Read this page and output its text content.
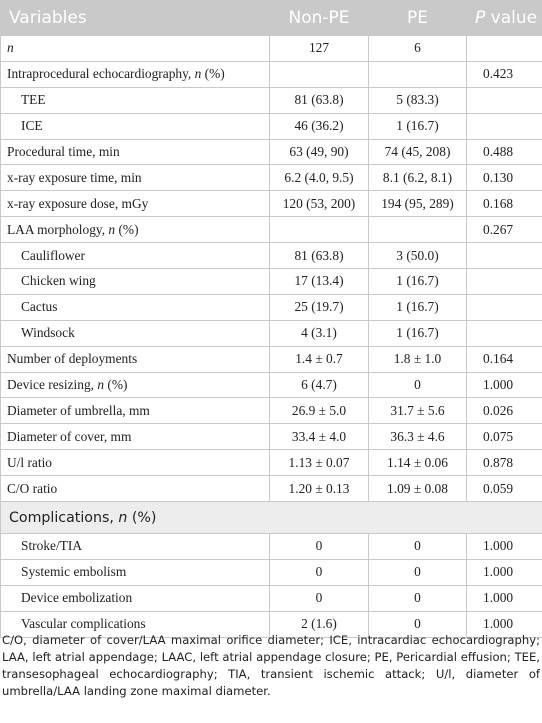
Variables	Non-PE	PE	P value
n	127	6	
Intraprocedural echocardiography, n (%)			0.423
TEE	81 (63.8)	5 (83.3)	
ICE	46 (36.2)	1 (16.7)	
Procedural time, min	63 (49, 90)	74 (45, 208)	0.488
x-ray exposure time, min	6.2 (4.0, 9.5)	8.1 (6.2, 8.1)	0.130
x-ray exposure dose, mGy	120 (53, 200)	194 (95, 289)	0.168
LAA morphology, n (%)			0.267
Cauliflower	81 (63.8)	3 (50.0)	
Chicken wing	17 (13.4)	1 (16.7)	
Cactus	25 (19.7)	1 (16.7)	
Windsock	4 (3.1)	1 (16.7)	
Number of deployments	1.4 ± 0.7	1.8 ± 1.0	0.164
Device resizing, n (%)	6 (4.7)	0	1.000
Diameter of umbrella, mm	26.9 ± 5.0	31.7 ± 5.6	0.026
Diameter of cover, mm	33.4 ± 4.0	36.3 ± 4.6	0.075
U/l ratio	1.13 ± 0.07	1.14 ± 0.06	0.878
C/O ratio	1.20 ± 0.13	1.09 ± 0.08	0.059
Complications, n (%)			
Stroke/TIA	0	0	1.000
Systemic embolism	0	0	1.000
Device embolization	0	0	1.000
Vascular complications	2 (1.6)	0	1.000
C/O, diameter of cover/LAA maximal orifice diameter; ICE, intracardiac echocardiography; LAA, left atrial appendage; LAAC, left atrial appendage closure; PE, Pericardial effusion; TEE, transesophageal echocardiography; TIA, transient ischemic attack; U/l, diameter of umbrella/LAA landing zone maximal diameter.
